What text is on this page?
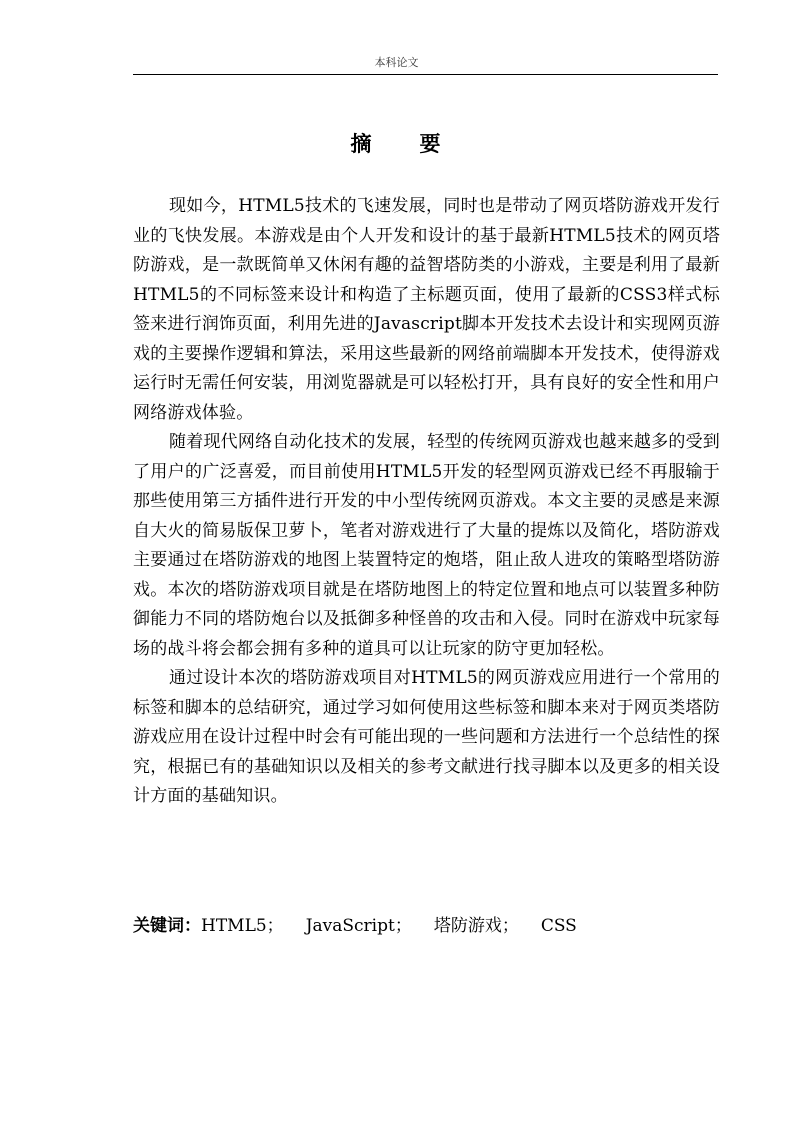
本科论文
摘　　要

现如今，HTML5技术的飞速发展，同时也是带动了网页塔防游戏开发行业的飞快发展。本游戏是由个人开发和设计的基于最新HTML5技术的网页塔防游戏，是一款既简单又休闲有趣的益智塔防类的小游戏，主要是利用了最新HTML5的不同标签来设计和构造了主标题页面，使用了最新的CSS3样式标签来进行润饰页面，利用先进的Javascript脚本开发技术去设计和实现网页游戏的主要操作逻辑和算法，采用这些最新的网络前端脚本开发技术，使得游戏运行时无需任何安装，用浏览器就是可以轻松打开，具有良好的安全性和用户网络游戏体验。

随着现代网络自动化技术的发展，轻型的传统网页游戏也越来越多的受到了用户的广泛喜爱，而目前使用HTML5开发的轻型网页游戏已经不再服输于那些使用第三方插件进行开发的中小型传统网页游戏。本文主要的灵感是来源自大火的简易版保卫萝卜，笔者对游戏进行了大量的提炼以及简化，塔防游戏主要通过在塔防游戏的地图上装置特定的炮塔，阻止敌人进攻的策略型塔防游戏。本次的塔防游戏项目就是在塔防地图上的特定位置和地点可以装置多种防御能力不同的塔防炮台以及抵御多种怪兽的攻击和入侵。同时在游戏中玩家每场的战斗将会都会拥有多种的道具可以让玩家的防守更加轻松。

通过设计本次的塔防游戏项目对HTML5的网页游戏应用进行一个常用的标签和脚本的总结研究，通过学习如何使用这些标签和脚本来对于网页类塔防游戏应用在设计过程中时会有可能出现的一些问题和方法进行一个总结性的探究，根据已有的基础知识以及相关的参考文献进行找寻脚本以及更多的相关设计方面的基础知识。

关键词：HTML5； JavaScript； 塔防游戏； CSS
